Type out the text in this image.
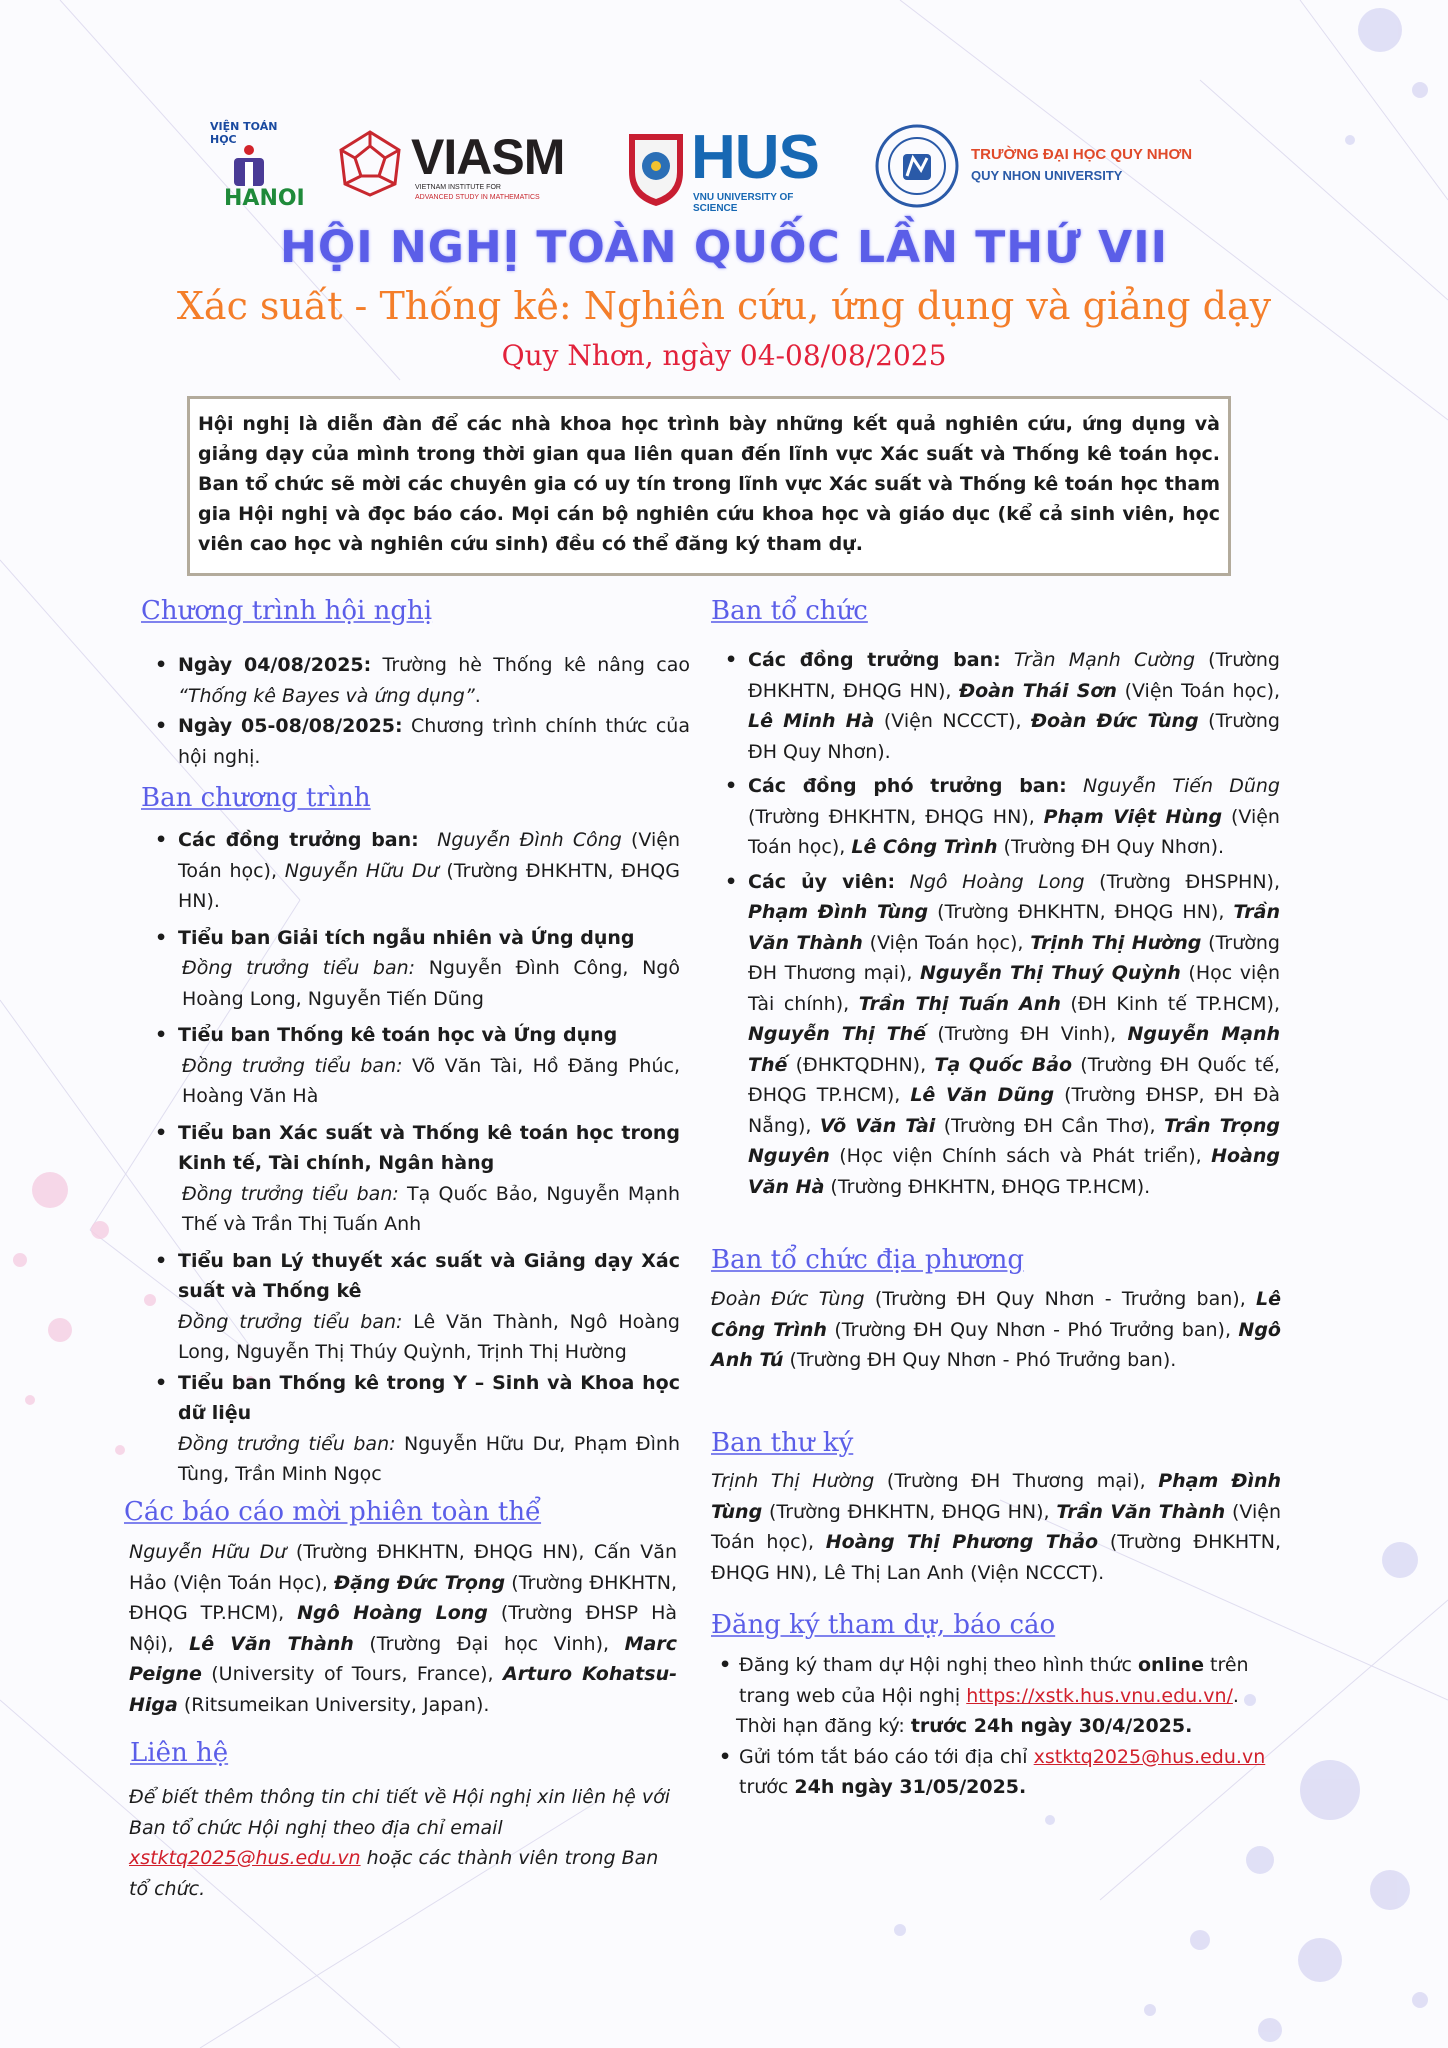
VIỆN TOÁN HỌC
HANOI
VIASM
VIETNAM INSTITUTE FOR
ADVANCED STUDY IN MATHEMATICS
HUS
VNU UNIVERSITY OF SCIENCE
TRƯỜNG ĐẠI HỌC QUY NHƠN
QUY NHON UNIVERSITY
HỘI NGHỊ TOÀN QUỐC LẦN THỨ VII
Xác suất - Thống kê: Nghiên cứu, ứng dụng và giảng dạy
Quy Nhơn, ngày 04-08/08/2025
Hội nghị là diễn đàn để các nhà khoa học trình bày những kết quả nghiên cứu, ứng dụng và giảng dạy của mình trong thời gian qua liên quan đến lĩnh vực Xác suất và Thống kê toán học. Ban tổ chức sẽ mời các chuyên gia có uy tín trong lĩnh vực Xác suất và Thống kê toán học tham gia Hội nghị và đọc báo cáo. Mọi cán bộ nghiên cứu khoa học và giáo dục (kể cả sinh viên, học viên cao học và nghiên cứu sinh) đều có thể đăng ký tham dự.
Chương trình hội nghị
• Ngày 04/08/2025: Trường hè Thống kê nâng cao “Thống kê Bayes và ứng dụng”.
• Ngày 05-08/08/2025: Chương trình chính thức của hội nghị.
Ban chương trình
• Các đồng trưởng ban: Nguyễn Đình Công (Viện Toán học), Nguyễn Hữu Dư (Trường ĐHKHTN, ĐHQG HN).
• Tiểu ban Giải tích ngẫu nhiên và Ứng dụng
Đồng trưởng tiểu ban: Nguyễn Đình Công, Ngô Hoàng Long, Nguyễn Tiến Dũng
• Tiểu ban Thống kê toán học và Ứng dụng
Đồng trưởng tiểu ban: Võ Văn Tài, Hồ Đăng Phúc, Hoàng Văn Hà
• Tiểu ban Xác suất và Thống kê toán học trong Kinh tế, Tài chính, Ngân hàng
Đồng trưởng tiểu ban: Tạ Quốc Bảo, Nguyễn Mạnh Thế và Trần Thị Tuấn Anh
• Tiểu ban Lý thuyết xác suất và Giảng dạy Xác suất và Thống kê
Đồng trưởng tiểu ban: Lê Văn Thành, Ngô Hoàng Long, Nguyễn Thị Thúy Quỳnh, Trịnh Thị Hường
• Tiểu ban Thống kê trong Y – Sinh và Khoa học dữ liệu
Đồng trưởng tiểu ban: Nguyễn Hữu Dư, Phạm Đình Tùng, Trần Minh Ngọc
Các báo cáo mời phiên toàn thể
Nguyễn Hữu Dư (Trường ĐHKHTN, ĐHQG HN), Cấn Văn Hảo (Viện Toán Học), Đặng Đức Trọng (Trường ĐHKHTN, ĐHQG TP.HCM), Ngô Hoàng Long (Trường ĐHSP Hà Nội), Lê Văn Thành (Trường Đại học Vinh), Marc Peigne (University of Tours, France), Arturo Kohatsu-Higa (Ritsumeikan University, Japan).
Liên hệ
Để biết thêm thông tin chi tiết về Hội nghị xin liên hệ với Ban tổ chức Hội nghị theo địa chỉ email xstktq2025@hus.edu.vn hoặc các thành viên trong Ban tổ chức.
Ban tổ chức
• Các đồng trưởng ban: Trần Mạnh Cường (Trường ĐHKHTN, ĐHQG HN), Đoàn Thái Sơn (Viện Toán học), Lê Minh Hà (Viện NCCCT), Đoàn Đức Tùng (Trường ĐH Quy Nhơn).
• Các đồng phó trưởng ban: Nguyễn Tiến Dũng (Trường ĐHKHTN, ĐHQG HN), Phạm Việt Hùng (Viện Toán học), Lê Công Trình (Trường ĐH Quy Nhơn).
• Các ủy viên: Ngô Hoàng Long (Trường ĐHSPHN), Phạm Đình Tùng (Trường ĐHKHTN, ĐHQG HN), Trần Văn Thành (Viện Toán học), Trịnh Thị Hường (Trường ĐH Thương mại), Nguyễn Thị Thuý Quỳnh (Học viện Tài chính), Trần Thị Tuấn Anh (ĐH Kinh tế TP.HCM), Nguyễn Thị Thế (Trường ĐH Vinh), Nguyễn Mạnh Thế (ĐHKTQDHN), Tạ Quốc Bảo (Trường ĐH Quốc tế, ĐHQG TP.HCM), Lê Văn Dũng (Trường ĐHSP, ĐH Đà Nẵng), Võ Văn Tài (Trường ĐH Cần Thơ), Trần Trọng Nguyên (Học viện Chính sách và Phát triển), Hoàng Văn Hà (Trường ĐHKHTN, ĐHQG TP.HCM).
Ban tổ chức địa phương
Đoàn Đức Tùng (Trường ĐH Quy Nhơn - Trưởng ban), Lê Công Trình (Trường ĐH Quy Nhơn - Phó Trưởng ban), Ngô Anh Tú (Trường ĐH Quy Nhơn - Phó Trưởng ban).
Ban thư ký
Trịnh Thị Hường (Trường ĐH Thương mại), Phạm Đình Tùng (Trường ĐHKHTN, ĐHQG HN), Trần Văn Thành (Viện Toán học), Hoàng Thị Phương Thảo (Trường ĐHKHTN, ĐHQG HN), Lê Thị Lan Anh (Viện NCCCT).
Đăng ký tham dự, báo cáo
• Đăng ký tham dự Hội nghị theo hình thức online trên trang web của Hội nghị https://xstk.hus.vnu.edu.vn/.
Thời hạn đăng ký: trước 24h ngày 30/4/2025.
• Gửi tóm tắt báo cáo tới địa chỉ xstktq2025@hus.edu.vn trước 24h ngày 31/05/2025.
